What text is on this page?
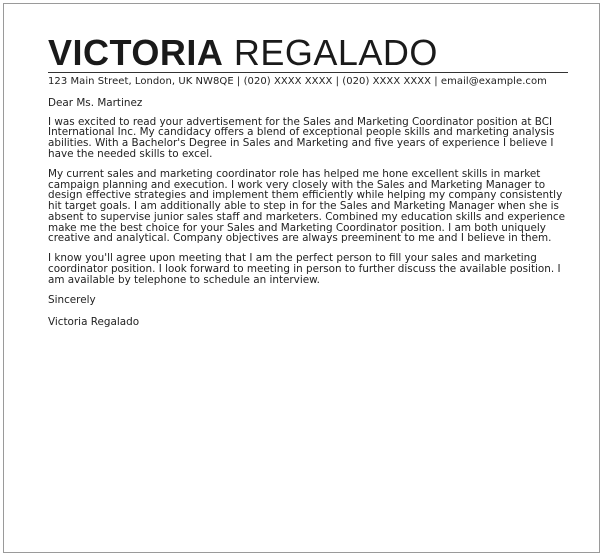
VICTORIA REGALADO
123 Main Street, London, UK NW8QE | (020) XXXX XXXX | (020) XXXX XXXX | email@example.com

Dear Ms. Martinez

I was excited to read your advertisement for the Sales and Marketing Coordinator position at BCI International Inc. My candidacy offers a blend of exceptional people skills and marketing analysis abilities. With a Bachelor's Degree in Sales and Marketing and five years of experience I believe I have the needed skills to excel.

My current sales and marketing coordinator role has helped me hone excellent skills in market campaign planning and execution. I work very closely with the Sales and Marketing Manager to design effective strategies and implement them efficiently while helping my company consistently hit target goals. I am additionally able to step in for the Sales and Marketing Manager when she is absent to supervise junior sales staff and marketers. Combined my education skills and experience make me the best choice for your Sales and Marketing Coordinator position. I am both uniquely creative and analytical. Company objectives are always preeminent to me and I believe in them.

I know you'll agree upon meeting that I am the perfect person to fill your sales and marketing coordinator position. I look forward to meeting in person to further discuss the available position. I am available by telephone to schedule an interview.

Sincerely

Victoria Regalado
